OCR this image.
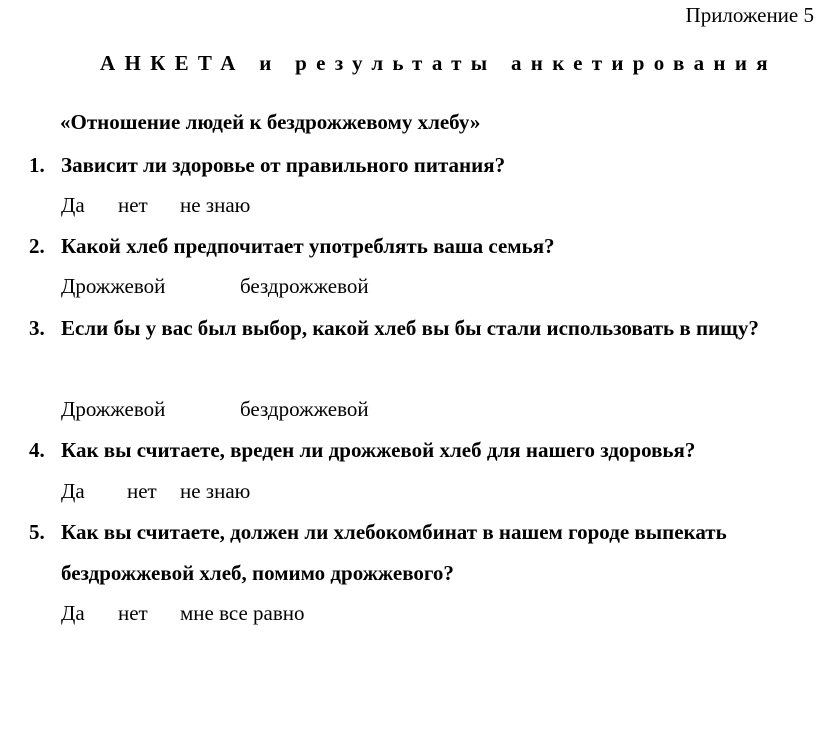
Приложение 5
АНКЕТА и результаты анкетирования
«Отношение людей к бездрожжевому хлебу»
1. Зависит ли здоровье от правильного питания?
Да нет не знаю
2. Какой хлеб предпочитает употреблять ваша семья?
Дрожжевой	бездрожжевой
3. Если бы у вас был выбор, какой хлеб вы бы стали использовать в пищу?
Дрожжевой	бездрожжевой
4. Как вы считаете, вреден ли дрожжевой хлеб для нашего здоровья?
Да нет не знаю
5. Как вы считаете, должен ли хлебокомбинат в нашем городе выпекать бездрожжевой хлеб, помимо дрожжевого?
Да нет мне все равно
